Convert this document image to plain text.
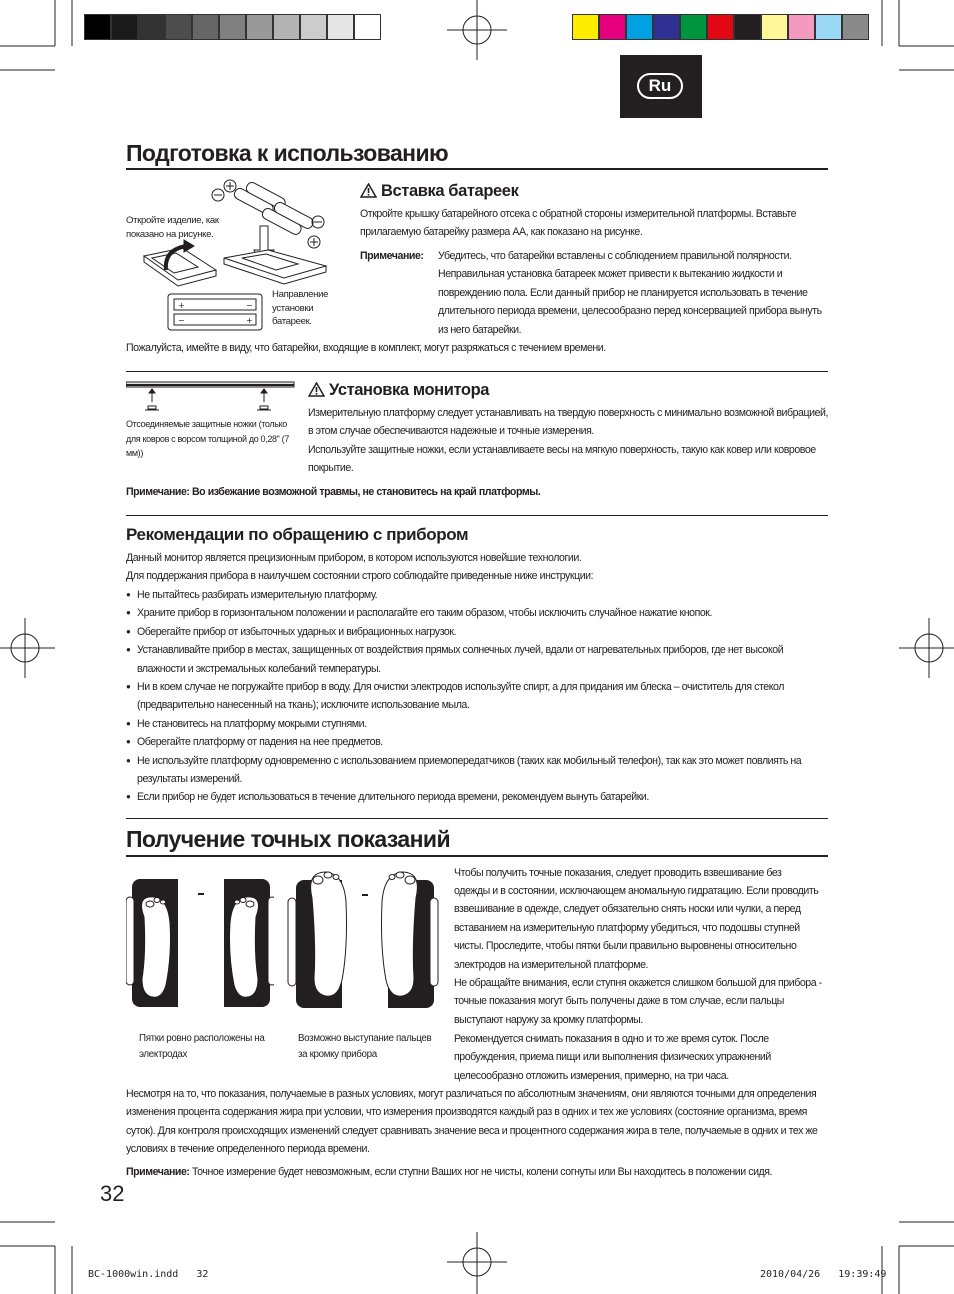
Ru
Подготовка к использованию
+	−
−	+
Откройте изделие, как показано на рисунке.
Направление установки батареек.
Вставка батареек
Откройте крышку батарейного отсека с обратной стороны измерительной платформы. Вставьте прилагаемую батарейку размера AA, как показано на рисунке.
Примечание: Убедитесь, что батарейки вставлены с соблюдением правильной полярности. Неправильная установка батареек может привести к вытеканию жидкости и повреждению пола. Если данный прибор не планируется использовать в течение длительного периода времени, целесообразно перед консервацией прибора вынуть из него батарейки.
Пожалуйста, имейте в виду, что батарейки, входящие в комплект, могут разряжаться с течением времени.
Отсоединяемые защитные ножки (только для ковров с ворсом толщиной до 0,28" (7 мм))
Установка монитора
Измерительную платформу следует устанавливать на твердую поверхность с минимально возможной вибрацией, в этом случае обеспечиваются надежные и точные измерения.
Используйте защитные ножки, если устанавливаете весы на мягкую поверхность, такую как ковер или ковровое покрытие.
Примечание: Во избежание возможной травмы, не становитесь на край платформы.
Рекомендации по обращению с прибором
Данный монитор является прецизионным прибором, в котором используются новейшие технологии.
Для поддержания прибора в наилучшем состоянии строго соблюдайте приведенные ниже инструкции:
● Не пытайтесь разбирать измерительную платформу.
● Храните прибор в горизонтальном положении и располагайте его таким образом, чтобы исключить случайное нажатие кнопок.
● Оберегайте прибор от избыточных ударных и вибрационных нагрузок.
● Устанавливайте прибор в местах, защищенных от воздействия прямых солнечных лучей, вдали от нагревательных приборов, где нет высокой влажности и экстремальных колебаний температуры.
● Ни в коем случае не погружайте прибор в воду. Для очистки электродов используйте спирт, а для придания им блеска – очиститель для стекол (предварительно нанесенный на ткань); исключите использование мыла.
● Не становитесь на платформу мокрыми ступнями.
● Оберегайте платформу от падения на нее предметов.
● Не используйте платформу одновременно с использованием приемопередатчиков (таких как мобильный телефон), так как это может повлиять на результаты измерений.
● Если прибор не будет использоваться в течение длительного периода времени, рекомендуем вынуть батарейки.
Получение точных показаний
Пятки ровно расположены на электродах
Возможно выступание пальцев за кромку прибора
Чтобы получить точные показания, следует проводить взвешивание без
одежды и в состоянии, исключающем аномальную гидратацию. Если проводить взвешивание в одежде, следует обязательно снять носки или чулки, а перед вставанием на измерительную платформу убедиться, что подошвы ступней чисты. Проследите, чтобы пятки были правильно выровнены относительно электродов на измерительной платформе.
Не обращайте внимания, если ступня окажется слишком большой для прибора - точные показания могут быть получены даже в том случае, если пальцы выступают наружу за кромку платформы.
Рекомендуется снимать показания в одно и то же время суток. После пробуждения, приема пищи или выполнения физических упражнений целесообразно отложить измерения, примерно, на три часа.
Несмотря на то, что показания, получаемые в разных условиях, могут различаться по абсолютным значениям, они являются точными для определения изменения процента содержания жира при условии, что измерения производятся каждый раз в одних и тех же условиях (состояние организма, время суток). Для контроля происходящих изменений следует сравнивать значение веса и процентного содержания жира в теле, получаемые в одних и тех же условиях в течение определенного периода времени.
Примечание: Точное измерение будет невозможным, если ступни Ваших ног не чисты, колени согнуты или Вы находитесь в положении сидя.
32
BC-1000win.indd   32	2010/04/26   19:39:49
